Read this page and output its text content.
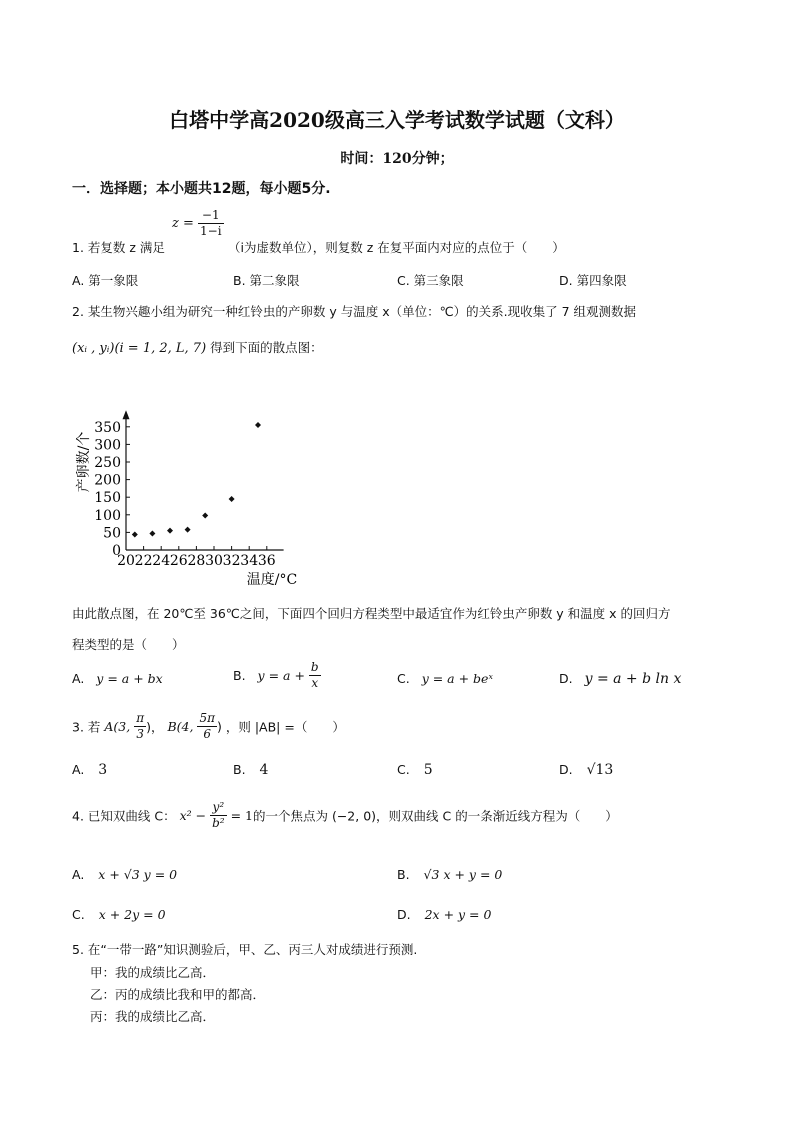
白塔中学高2020级高三入学考试数学试题（文科）
时间：120分钟；
一．选择题；本小题共12题，每小题5分.
1. 若复数 z 满足
$z = \frac{-1}{1-i}$
（i为虚数单位），则复数 z 在复平面内对应的点位于（　　）
A. 第一象限	B. 第二象限	C. 第三象限	D. 第四象限
2. 某生物兴趣小组为研究一种红铃虫的产卵数 y 与温度 x（单位：℃）的关系.现收集了 7 组观测数据
(xᵢ , yᵢ)(i = 1, 2, L, 7) 得到下面的散点图：
20 22 24 26 28 30 32 34 36
0
50
100
150
200
250
300
350
温度/°C
产卵数/个
由此散点图，在 20℃至 36℃之间，下面四个回归方程类型中最适宜作为红铃虫产卵数 y 和温度 x 的回归方
程类型的是（　　）
A. y = a + bx	B. $y = a + \frac{b}{x}$	C. y = a + beˣ	D. y = a + b ln x
3. 若 A(3, $\frac{\pi}{3}$ )， B(4, $\frac{5\pi}{6}$ ) ，则 |AB| =（　　）
A. 3	B. 4	C. 5	D. √13
4. 已知双曲线 C： $x^2 - \frac{\text{y²}}{\text{b²}} = 1$的一个焦点为 (−2, 0)，则双曲线 C 的一条渐近线方程为（　　）
A. x + √3 y = 0	B. √3 x + y = 0
C. x + 2y = 0	D. 2x + y = 0
5. 在“一带一路”知识测验后，甲、乙、丙三人对成绩进行预测.
甲：我的成绩比乙高．
乙：丙的成绩比我和甲的都高．
丙：我的成绩比乙高．
